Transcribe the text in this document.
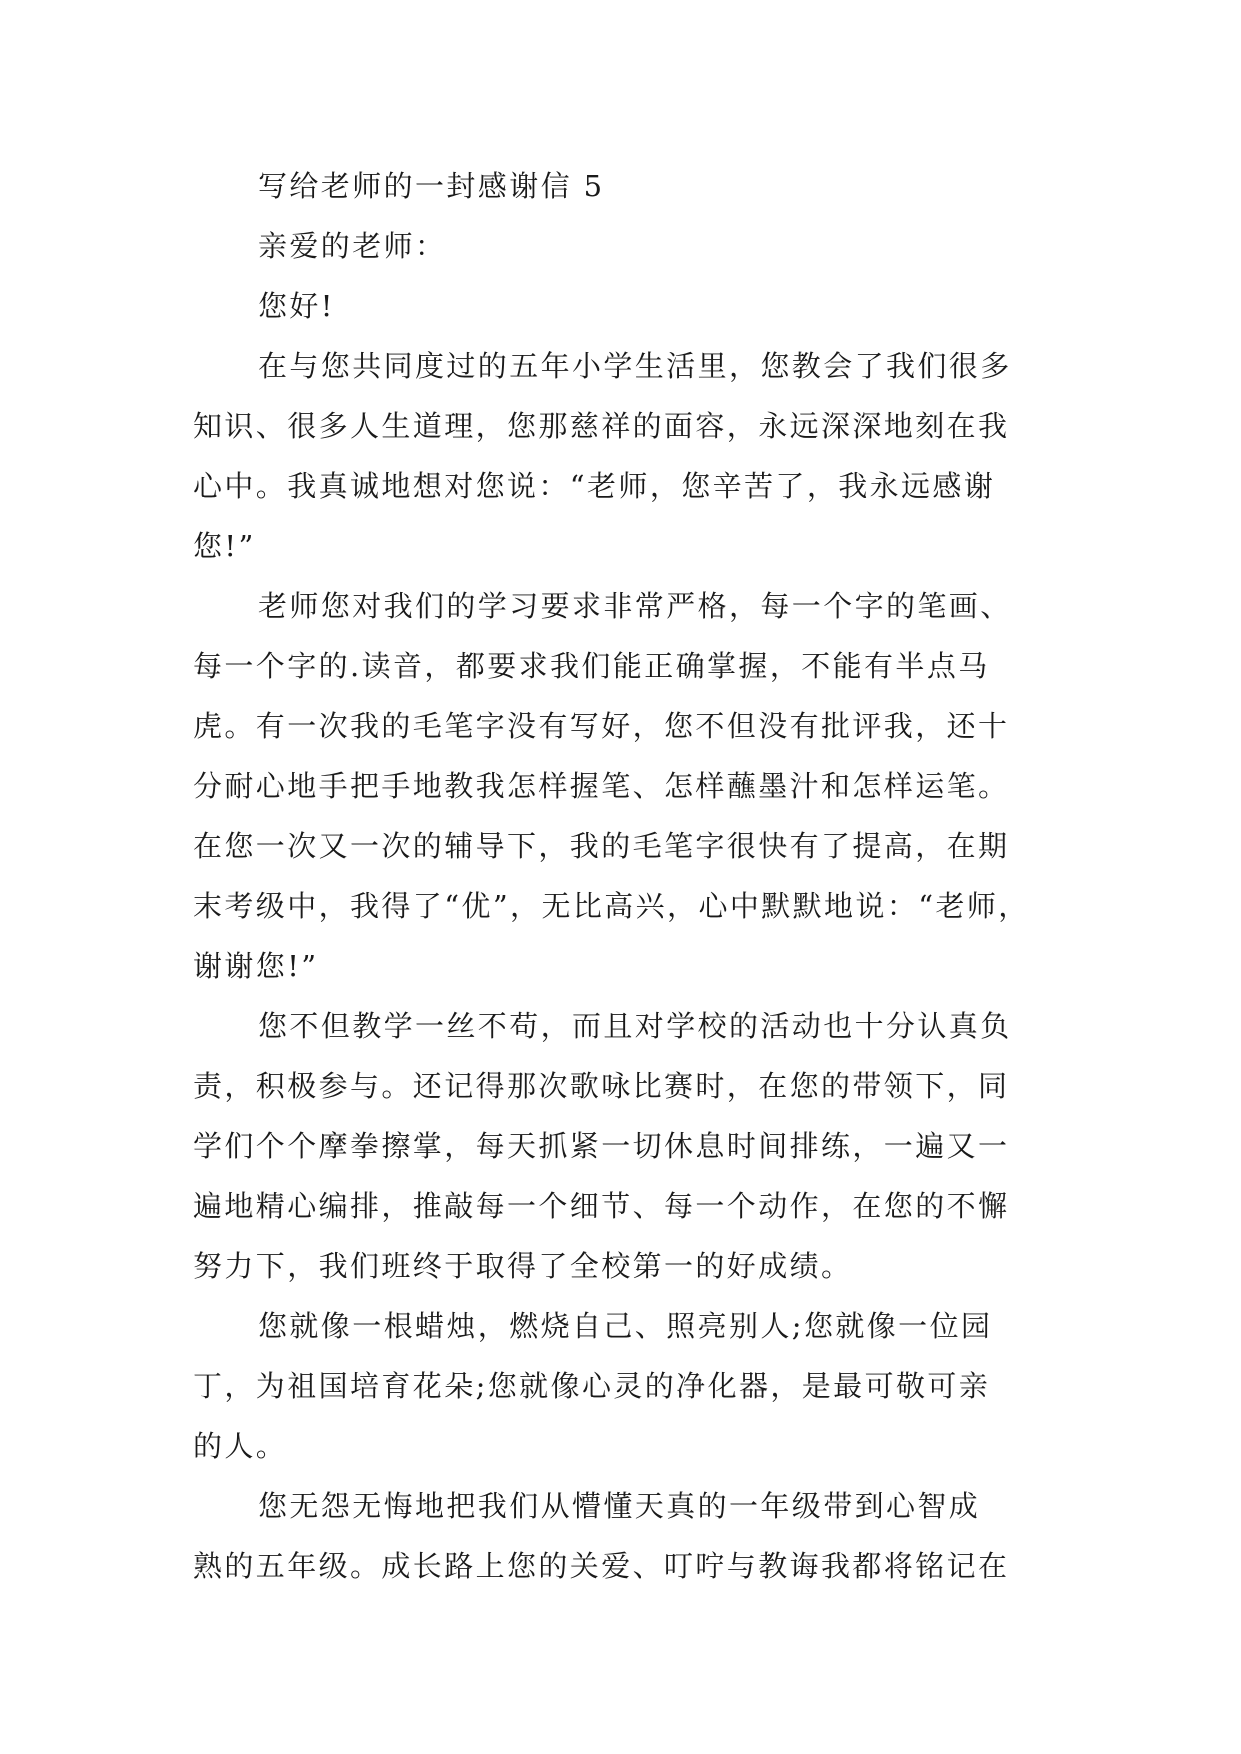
写给老师的一封感谢信 5
亲爱的老师：
您好!
在与您共同度过的五年小学生活里，您教会了我们很多
知识、很多人生道理，您那慈祥的面容，永远深深地刻在我
心中。我真诚地想对您说：“老师，您辛苦了，我永远感谢
您!”
老师您对我们的学习要求非常严格，每一个字的笔画、
每一个字的.读音，都要求我们能正确掌握，不能有半点马
虎。有一次我的毛笔字没有写好，您不但没有批评我，还十
分耐心地手把手地教我怎样握笔、怎样蘸墨汁和怎样运笔。
在您一次又一次的辅导下，我的毛笔字很快有了提高，在期
末考级中，我得了“优”，无比高兴，心中默默地说：“老师，
谢谢您!”
您不但教学一丝不苟，而且对学校的活动也十分认真负
责，积极参与。还记得那次歌咏比赛时，在您的带领下，同
学们个个摩拳擦掌，每天抓紧一切休息时间排练，一遍又一
遍地精心编排，推敲每一个细节、每一个动作，在您的不懈
努力下，我们班终于取得了全校第一的好成绩。
您就像一根蜡烛，燃烧自己、照亮别人;您就像一位园
丁，为祖国培育花朵;您就像心灵的净化器，是最可敬可亲
的人。
您无怨无悔地把我们从懵懂天真的一年级带到心智成
熟的五年级。成长路上您的关爱、叮咛与教诲我都将铭记在
